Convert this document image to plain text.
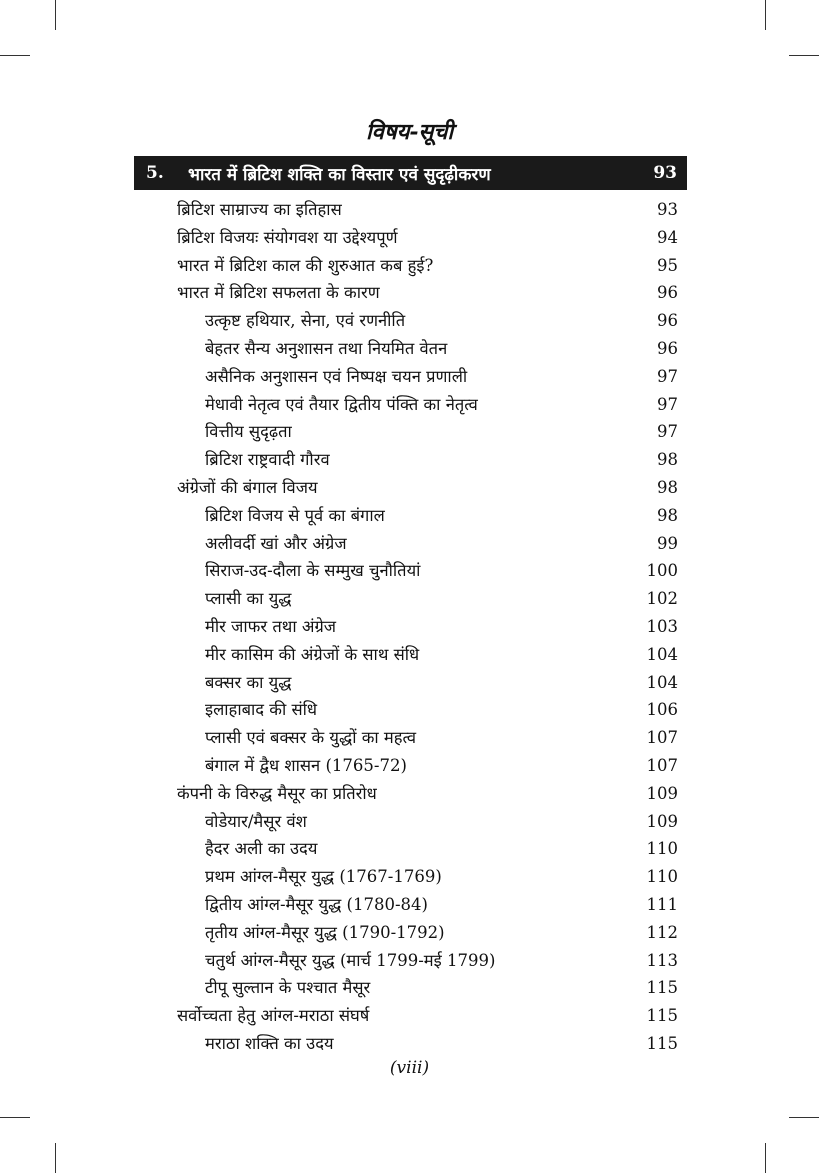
विषय-सूची
5.	भारत में ब्रिटिश शक्ति का विस्तार एवं सुदृढ़ीकरण	93
ब्रिटिश साम्राज्य का इतिहास	93
ब्रिटिश विजयः संयोगवश या उद्देश्यपूर्ण	94
भारत में ब्रिटिश काल की शुरुआत कब हुई?	95
भारत में ब्रिटिश सफलता के कारण	96
उत्कृष्ट हथियार, सेना, एवं रणनीति	96
बेहतर सैन्य अनुशासन तथा नियमित वेतन	96
असैनिक अनुशासन एवं निष्पक्ष चयन प्रणाली	97
मेधावी नेतृत्व एवं तैयार द्वितीय पंक्ति का नेतृत्व	97
वित्तीय सुदृढ़ता	97
ब्रिटिश राष्ट्रवादी गौरव	98
अंग्रेजों की बंगाल विजय	98
ब्रिटिश विजय से पूर्व का बंगाल	98
अलीवर्दी खां और अंग्रेज	99
सिराज-उद-दौला के सम्मुख चुनौतियां	100
प्लासी का युद्ध	102
मीर जाफर तथा अंग्रेज	103
मीर कासिम की अंग्रेजों के साथ संधि	104
बक्सर का युद्ध	104
इलाहाबाद की संधि	106
प्लासी एवं बक्सर के युद्धों का महत्व	107
बंगाल में द्वैध शासन (1765-72)	107
कंपनी के विरुद्ध मैसूर का प्रतिरोध	109
वोडेयार/मैसूर वंश	109
हैदर अली का उदय	110
प्रथम आंग्ल-मैसूर युद्ध (1767-1769)	110
द्वितीय आंग्ल-मैसूर युद्ध (1780-84)	111
तृतीय आंग्ल-मैसूर युद्ध (1790-1792)	112
चतुर्थ आंग्ल-मैसूर युद्ध (मार्च 1799-मई 1799)	113
टीपू सुल्तान के पश्चात मैसूर	115
सर्वोच्चता हेतु आंग्ल-मराठा संघर्ष	115
मराठा शक्ति का उदय	115
(viii)
